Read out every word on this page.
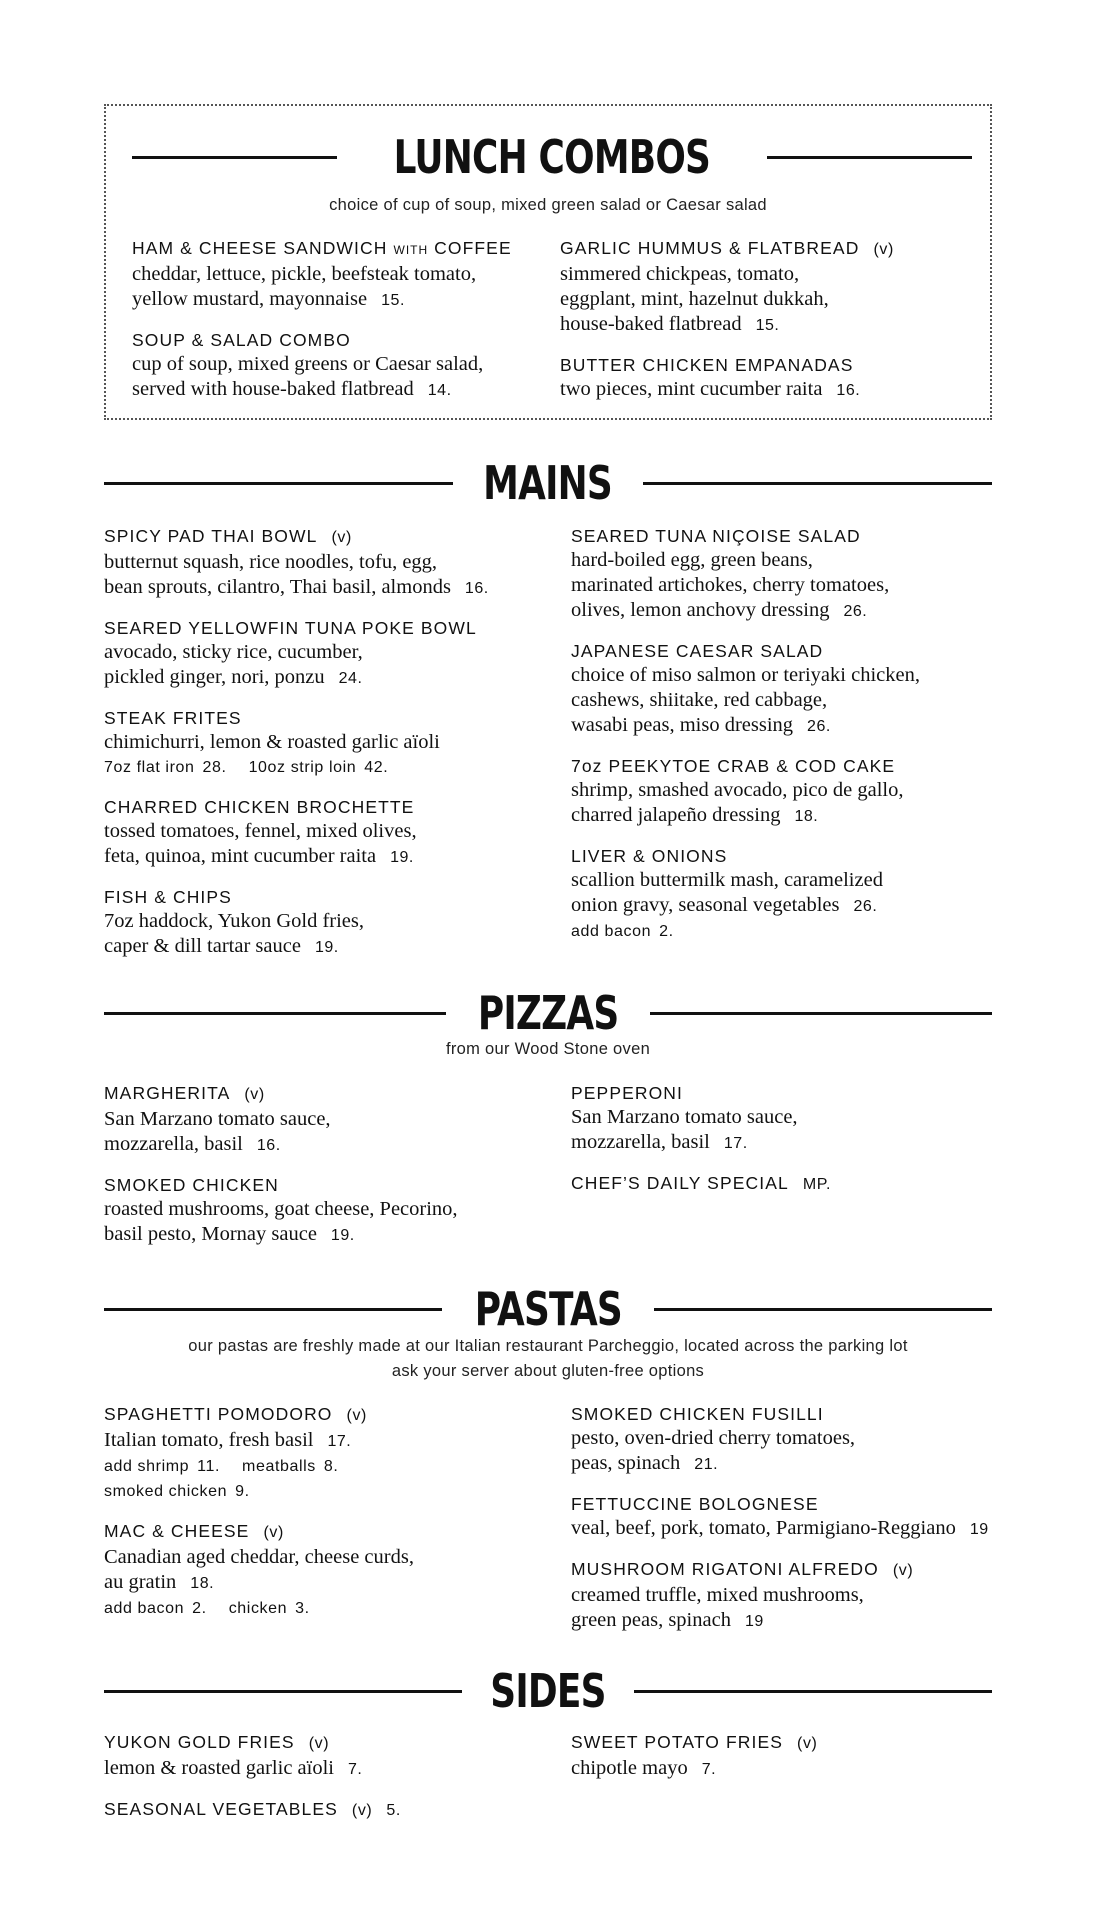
LUNCH COMBOS
choice of cup of soup, mixed green salad or Caesar salad
HAM & CHEESE SANDWICH WITH COFFEE
cheddar, lettuce, pickle, beefsteak tomato,
yellow mustard, mayonnaise 15.
SOUP & SALAD COMBO
cup of soup, mixed greens or Caesar salad,
served with house-baked flatbread 14.
GARLIC HUMMUS & FLATBREAD (v)
simmered chickpeas, tomato,
eggplant, mint, hazelnut dukkah,
house-baked flatbread 15.
BUTTER CHICKEN EMPANADAS
two pieces, mint cucumber raita 16.
MAINS
SPICY PAD THAI BOWL (v)
butternut squash, rice noodles, tofu, egg,
bean sprouts, cilantro, Thai basil, almonds 16.
SEARED YELLOWFIN TUNA POKE BOWL
avocado, sticky rice, cucumber,
pickled ginger, nori, ponzu 24.
STEAK FRITES
chimichurri, lemon & roasted garlic aïoli
7oz flat iron 28. 10oz strip loin 42.
CHARRED CHICKEN BROCHETTE
tossed tomatoes, fennel, mixed olives,
feta, quinoa, mint cucumber raita 19.
FISH & CHIPS
7oz haddock, Yukon Gold fries,
caper & dill tartar sauce 19.
SEARED TUNA NIÇOISE SALAD
hard-boiled egg, green beans,
marinated artichokes, cherry tomatoes,
olives, lemon anchovy dressing 26.
JAPANESE CAESAR SALAD
choice of miso salmon or teriyaki chicken,
cashews, shiitake, red cabbage,
wasabi peas, miso dressing 26.
7oz PEEKYTOE CRAB & COD CAKE
shrimp, smashed avocado, pico de gallo,
charred jalapeño dressing 18.
LIVER & ONIONS
scallion buttermilk mash, caramelized
onion gravy, seasonal vegetables 26.
add bacon 2.
PIZZAS
from our Wood Stone oven
MARGHERITA (v)
San Marzano tomato sauce,
mozzarella, basil 16.
SMOKED CHICKEN
roasted mushrooms, goat cheese, Pecorino,
basil pesto, Mornay sauce 19.
PEPPERONI
San Marzano tomato sauce,
mozzarella, basil 17.
CHEF’S DAILY SPECIAL MP.
PASTAS
our pastas are freshly made at our Italian restaurant Parcheggio, located across the parking lot
ask your server about gluten-free options
SPAGHETTI POMODORO (v)
Italian tomato, fresh basil 17.
add shrimp 11. meatballs 8.
smoked chicken 9.
MAC & CHEESE (v)
Canadian aged cheddar, cheese curds,
au gratin 18.
add bacon 2. chicken 3.
SMOKED CHICKEN FUSILLI
pesto, oven-dried cherry tomatoes,
peas, spinach 21.
FETTUCCINE BOLOGNESE
veal, beef, pork, tomato, Parmigiano-Reggiano 19
MUSHROOM RIGATONI ALFREDO (v)
creamed truffle, mixed mushrooms,
green peas, spinach 19
SIDES
YUKON GOLD FRIES (v)
lemon & roasted garlic aïoli 7.
SEASONAL VEGETABLES (v) 5.
SWEET POTATO FRIES (v)
chipotle mayo 7.
